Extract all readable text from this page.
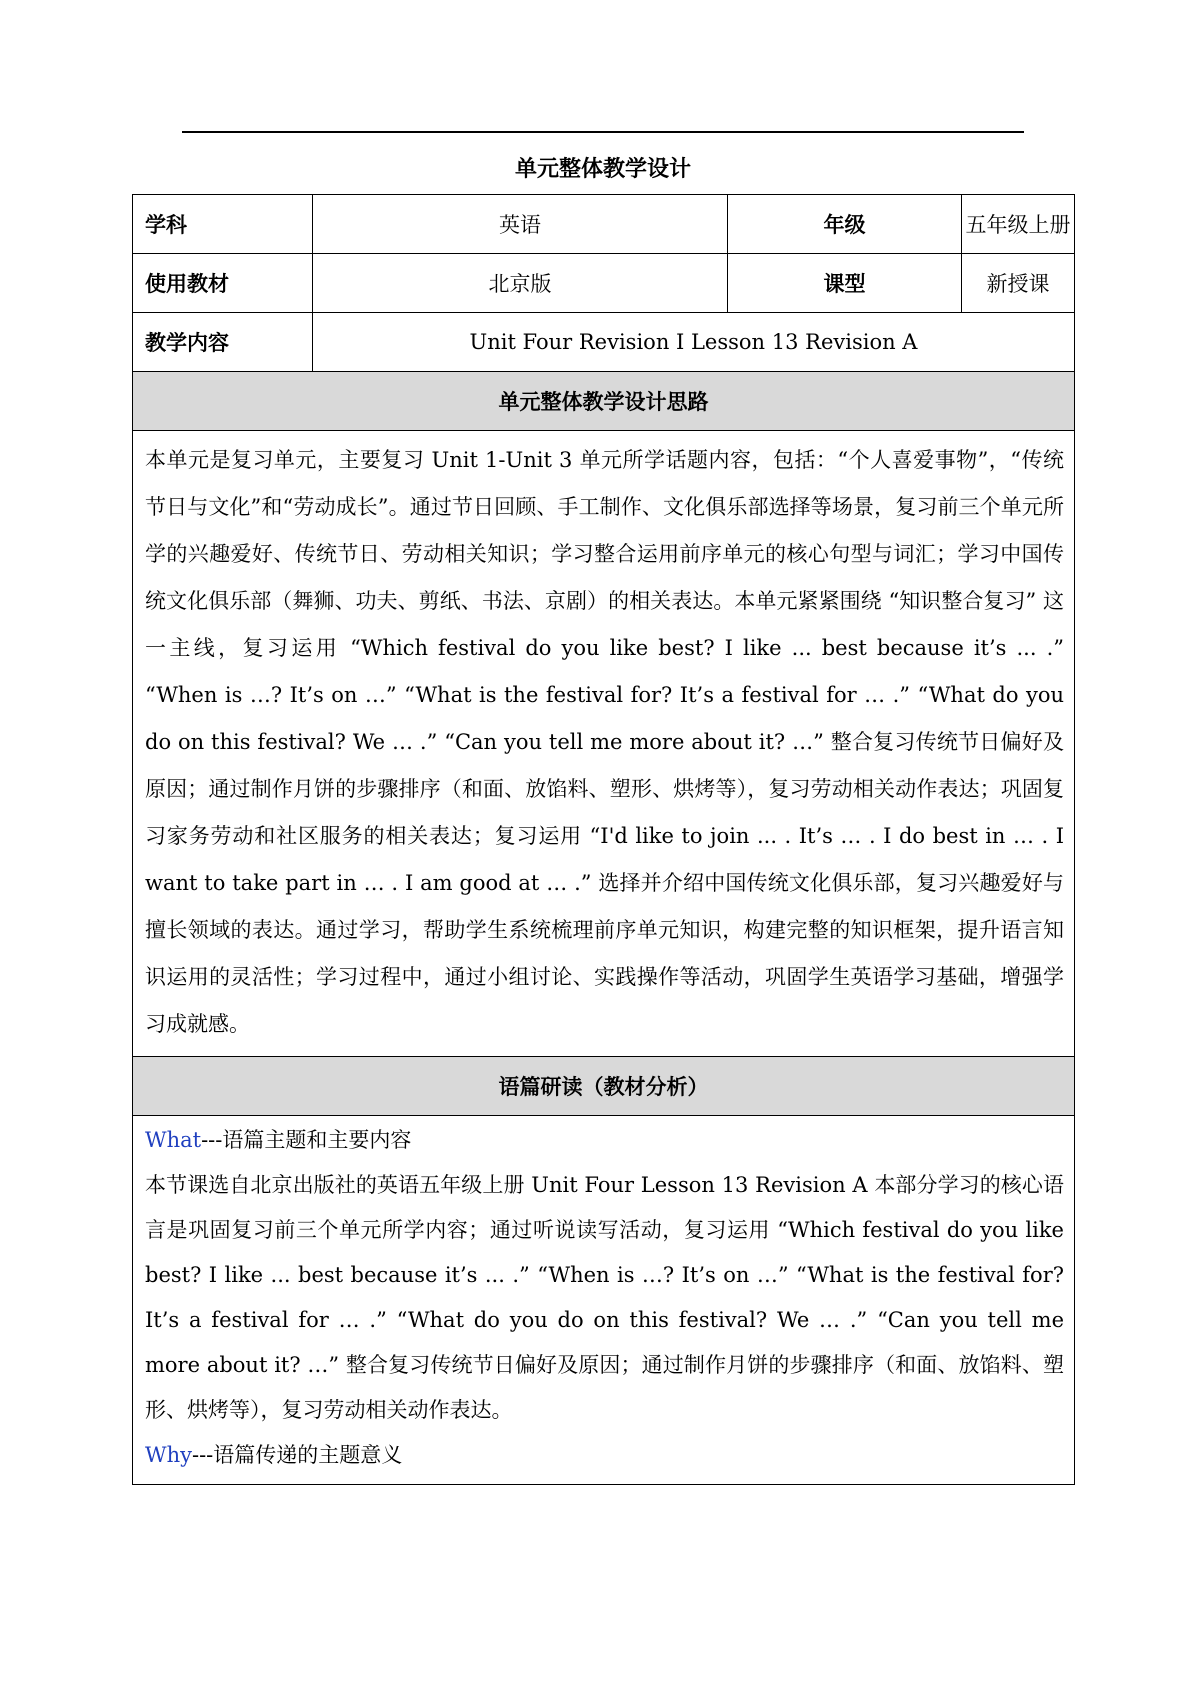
单元整体教学设计
学科	英语	年级	五年级上册
使用教材	北京版	课型	新授课
教学内容	Unit Four Revision I Lesson 13 Revision A		
单元整体教学设计思路			

本单元是复习单元，主要复习 Unit 1-Unit 3 单元所学话题内容，包括：“个人喜爱事物”，“传统节日与文化”和“劳动成长”。通过节日回顾、手工制作、文化俱乐部选择等场景，复习前三个单元所学的兴趣爱好、传统节日、劳动相关知识；学习整合运用前序单元的核心句型与词汇；学习中国传统文化俱乐部（舞狮、功夫、剪纸、书法、京剧）的相关表达。本单元紧紧围绕 “知识整合复习” 这一主线，复习运用 “Which festival do you like best? I like ... best because it’s ... .” “When is …? It’s on …” “What is the festival for? It’s a festival for … .” “What do you do on this festival? We … .” “Can you tell me more about it? …” 整合复习传统节日偏好及原因；通过制作月饼的步骤排序（和面、放馅料、塑形、烘烤等），复习劳动相关动作表达；巩固复习家务劳动和社区服务的相关表达；复习运用 “I'd like to join ... . It’s … . I do best in … . I want to take part in … . I am good at … .” 选择并介绍中国传统文化俱乐部，复习兴趣爱好与擅长领域的表达。通过学习，帮助学生系统梳理前序单元知识，构建完整的知识框架，提升语言知识运用的灵活性；学习过程中，通过小组讨论、实践操作等活动，巩固学生英语学习基础，增强学习成就感。			

语篇研读（教材分析）			

What---语篇主题和主要内容

本节课选自北京出版社的英语五年级上册 Unit Four Lesson 13 Revision A 本部分学习的核心语言是巩固复习前三个单元所学内容；通过听说读写活动，复习运用 “Which festival do you like best? I like ... best because it’s ... .” “When is …? It’s on …” “What is the festival for? It’s a festival for … .” “What do you do on this festival? We … .” “Can you tell me more about it? …” 整合复习传统节日偏好及原因；通过制作月饼的步骤排序（和面、放馅料、塑形、烘烤等），复习劳动相关动作表达。

Why---语篇传递的主题意义			
